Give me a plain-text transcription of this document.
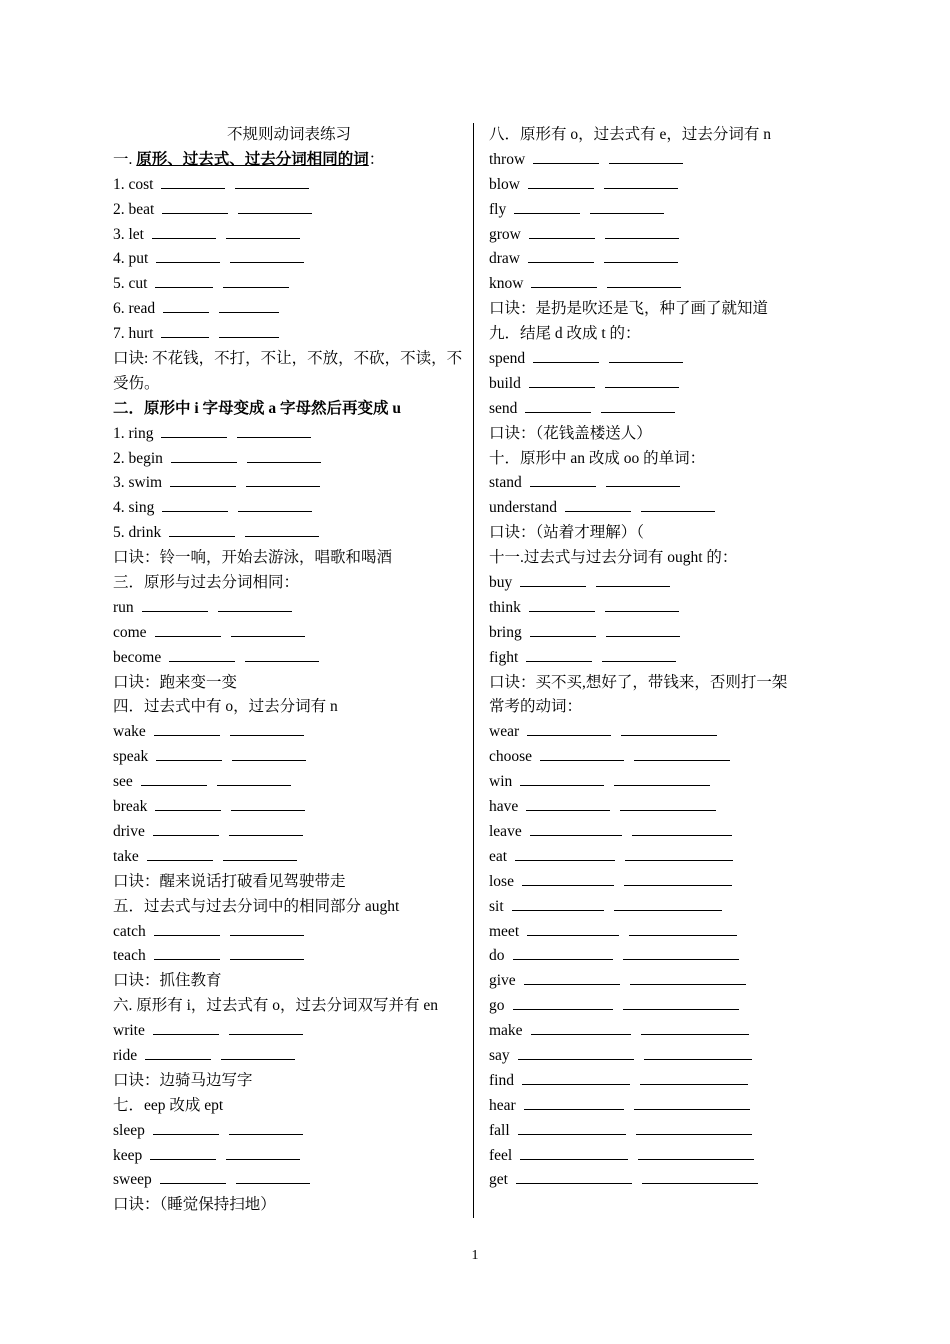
不规则动词表练习
一. 原形、过去式、过去分词相同的词：
1. cost
2. beat
3. let
4. put
5. cut
6. read
7. hurt
口诀: 不花钱，不打，不让，不放，不砍，不读，不
受伤。
二．原形中 i 字母变成 a 字母然后再变成 u
1. ring
2. begin
3. swim
4. sing
5. drink
口诀：铃一响，开始去游泳，唱歌和喝酒
三．原形与过去分词相同：
run
come
become
口诀：跑来变一变
四．过去式中有 o，过去分词有 n
wake
speak
see
break
drive
take
口诀：醒来说话打破看见驾驶带走
五．过去式与过去分词中的相同部分 aught
catch
teach
口诀：抓住教育
六. 原形有 i，过去式有 o，过去分词双写并有 en
write
ride
口诀：边骑马边写字
七．eep 改成 ept
sleep
keep
sweep
口诀：（睡觉保持扫地）
八．原形有 o，过去式有 e，过去分词有 n
throw
blow
fly
grow
draw
know
口诀：是扔是吹还是飞，种了画了就知道
九．结尾 d 改成 t 的：
spend
build
send
口诀：（花钱盖楼送人）
十．原形中 an 改成 oo 的单词：
stand
understand
口诀：（站着才理解）（
十一.过去式与过去分词有 ought 的：
buy
think
bring
fight
口诀：买不买,想好了，带钱来，否则打一架
常考的动词：
wear
choose
win
have
leave
eat
lose
sit
meet
do
give
go
make
say
find
hear
fall
feel
get
1
